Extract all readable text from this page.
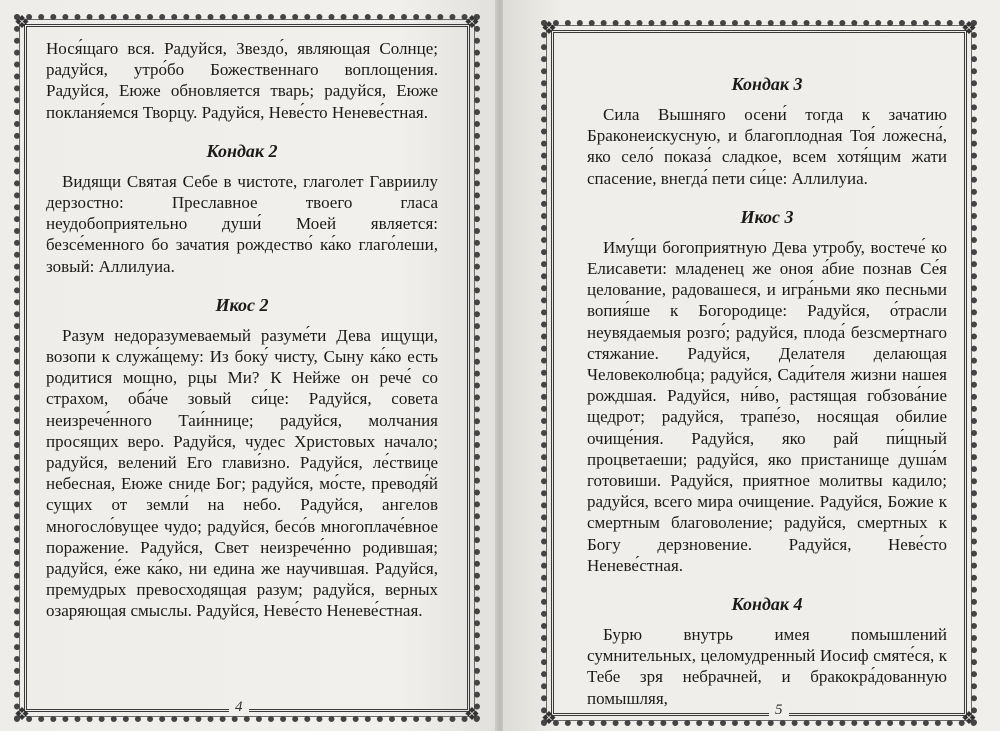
❖	❖
❖	❖

Нося́щаго вся. Радуйся, Звездо́, являющая Солнце; радуйся, утро́бо Божественнаго воплощения. Радуйся, Еюже обновляется тварь; радуйся, Еюже покланя́емся Творцу. Радуйся, Неве́сто Неневе́стная.

Кондак 2

Видящи Святая Себе в чистоте, глаголет Гавриилу дерзостно: Преславное твоего гласа неудобоприятельно души́ Моей является: безсе́менного бо зачатия рождество́ ка́ко глаго́леши, зовый: Аллилуиа.

Икос 2

Разум недоразумеваемый разуме́ти Дева ищущи, возопи к служа́щему: Из боку́ чисту, Сыну ка́ко есть родитися мощно, рцы Ми? К Нейже он рече́ со страхом, оба́че зовый си́це: Радуйся, совета неизрече́нного Таи́ннице; радуйся, молчания просящих веро. Радуйся, чудес Христовых начало; радуйся, велений Его глави́зно. Радуйся, ле́ствице небесная, Еюже сниде Бог; радуйся, мо́сте, преводя́й сущих от земли́ на небо. Радуйся, ангелов многосло́вущее чудо; радуйся, бесо́в многоплаче́вное поражение. Радуйся, Свет неизрече́нно родившая; радуйся, е́же ка́ко, ни едина же научившая. Радуйся, премудрых превосходящая разум; радуйся, верных озаряющая смыслы. Радуйся, Неве́сто Неневе́стная.

4
❖	❖
❖	❖
Кондак 3

Сила Вышняго осени́ тогда к зачатию Браконеискусную, и благоплодная Тоя́ ложесна́, яко село́ показа́ сладкое, всем хотя́щим жати спасение, внегда́ пети си́це: Аллилуиа.

Икос 3

Иму́щи богоприятную Дева утробу, востече́ ко Елисавети: младенец же оноя а́бие познав Се́я целование, радовашеся, и игра́ньми яко песньми вопия́ше к Богородице: Радуйся, о́трасли неувядаемыя розго́; радуйся, плода́ безсмертнаго стяжание. Радуйся, Делателя делающая Человеколюбца; радуйся, Сади́теля жизни нашея рождшая. Радуйся, ни́во, растящая гобзова́ние щедрот; радуйся, трапе́зо, носящая обилие очище́ния. Радуйся, яко рай пи́щный процветаеши; радуйся, яко пристанище душа́м готовиши. Радуйся, приятное молитвы кадило; радуйся, всего мира очищение. Радуйся, Божие к смертным благоволение; радуйся, смертных к Богу дерзновение. Радуйся, Неве́сто Неневе́стная.

Кондак 4

Бурю внутрь имея помышлений сумнительных, целомудренный Иосиф смяте́ся, к Тебе зря небрачней, и бракокра́дованную помышляя,

5
